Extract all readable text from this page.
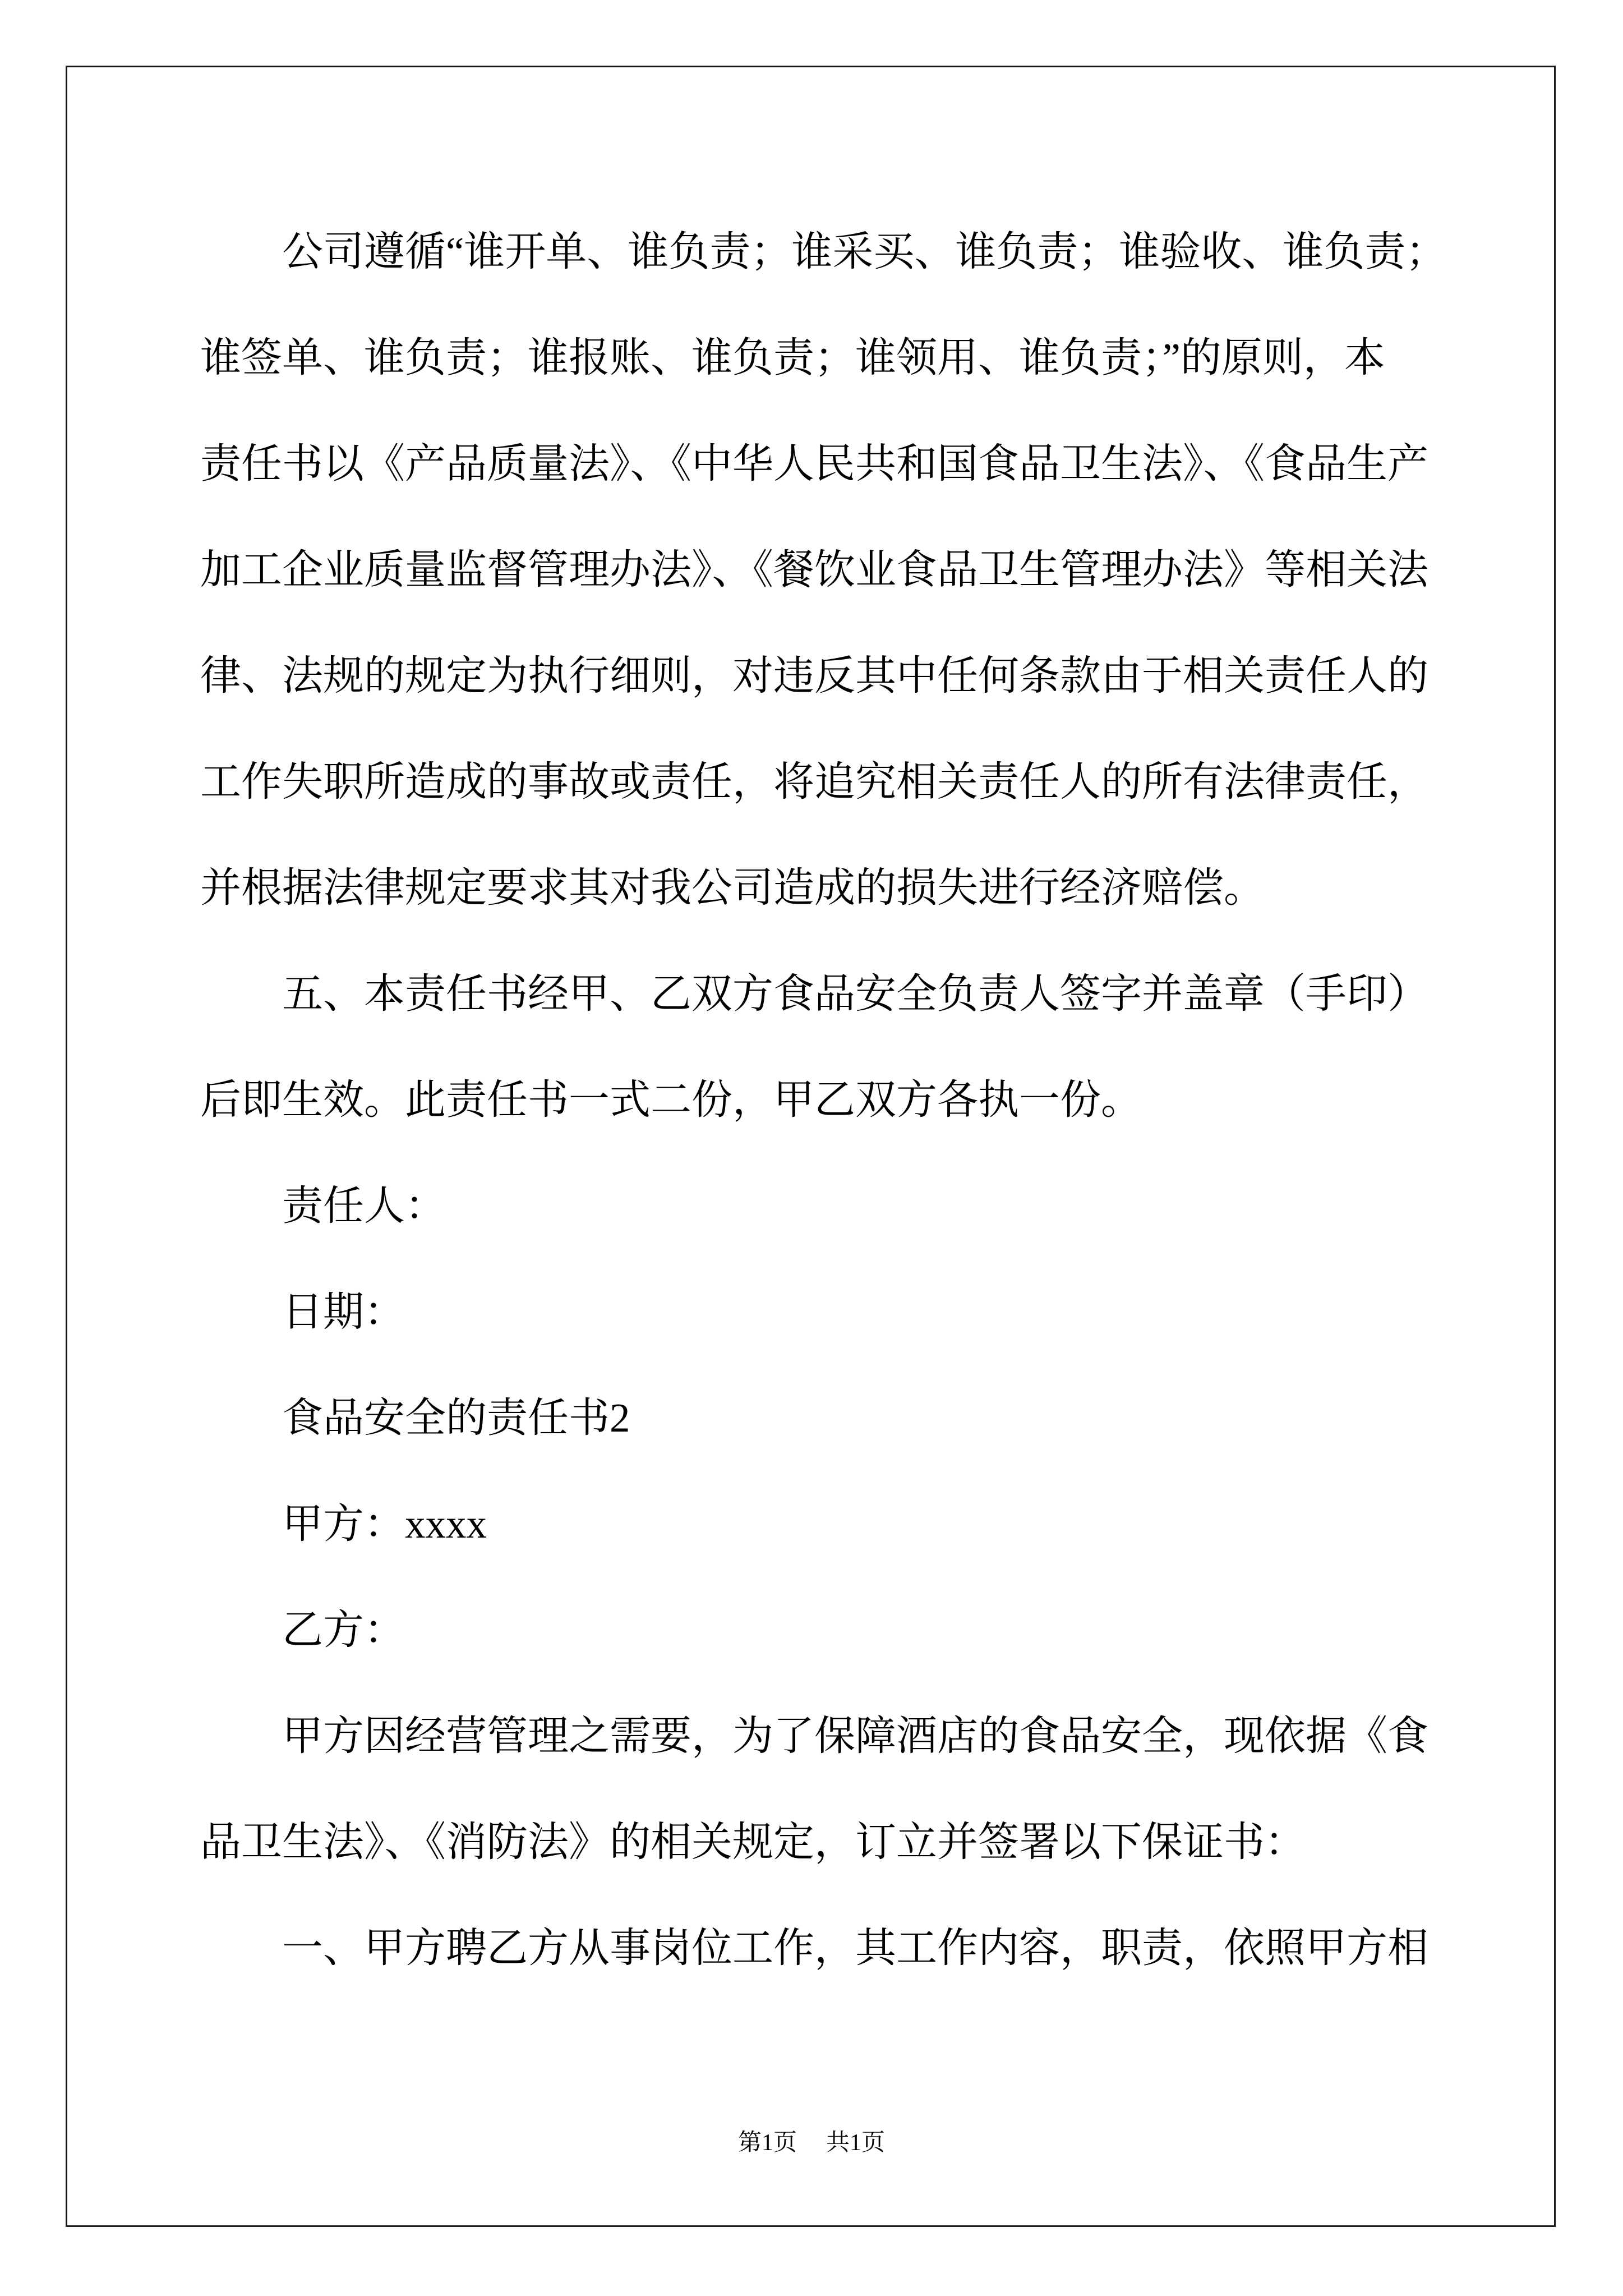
公司遵循“谁开单、谁负责；谁采买、谁负责；谁验收、谁负责；
谁签单、谁负责；谁报账、谁负责；谁领用、谁负责；”的原则，本
责任书以《产品质量法》、《中华人民共和国食品卫生法》、《食品生产
加工企业质量监督管理办法》、《餐饮业食品卫生管理办法》等相关法
律、法规的规定为执行细则，对违反其中任何条款由于相关责任人的
工作失职所造成的事故或责任，将追究相关责任人的所有法律责任，
并根据法律规定要求其对我公司造成的损失进行经济赔偿。
五、本责任书经甲、乙双方食品安全负责人签字并盖章（手印）
后即生效。此责任书一式二份，甲乙双方各执一份。
责任人：
日期：
食品安全的责任书2
甲方：xxxx
乙方：
甲方因经营管理之需要，为了保障酒店的食品安全，现依据《食
品卫生法》、《消防法》的相关规定，订立并签署以下保证书：
一、甲方聘乙方从事岗位工作，其工作内容，职责，依照甲方相
第1页 共1页
